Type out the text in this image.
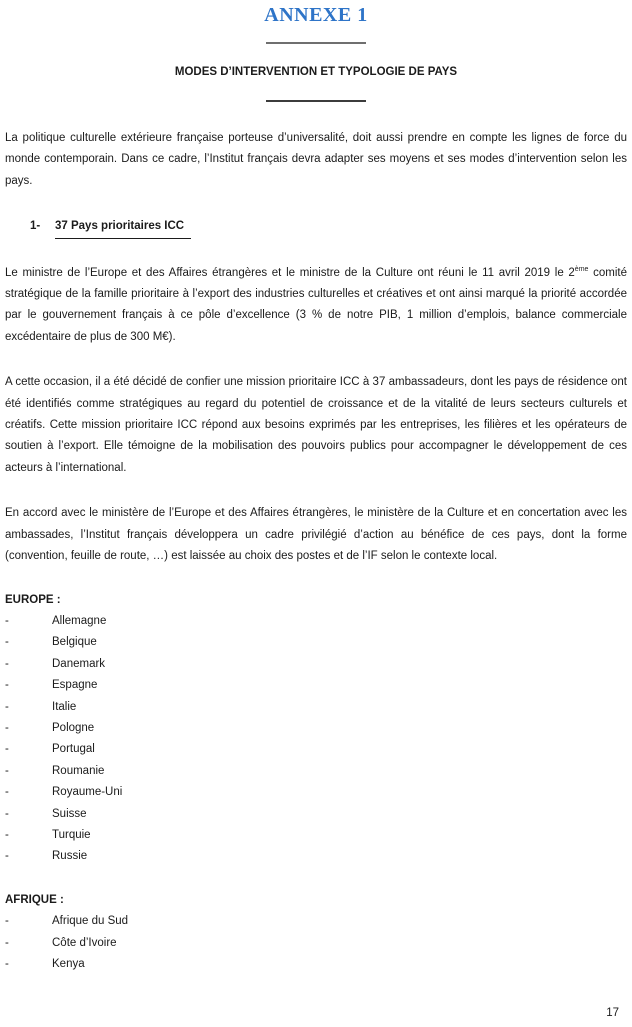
ANNEXE 1
MODES D’INTERVENTION ET TYPOLOGIE DE PAYS
La politique culturelle extérieure française porteuse d’universalité, doit aussi prendre en compte les lignes de force du monde contemporain. Dans ce cadre, l’Institut français devra adapter ses moyens et ses modes d’intervention selon les pays.
1-	37 Pays prioritaires ICC
Le ministre de l’Europe et des Affaires étrangères et le ministre de la Culture ont réuni le 11 avril 2019 le 2ème comité stratégique de la famille prioritaire à l’export des industries culturelles et créatives et ont ainsi marqué la priorité accordée par le gouvernement français à ce pôle d’excellence (3 % de notre PIB, 1 million d’emplois, balance commerciale excédentaire de plus de 300 M€).
A cette occasion, il a été décidé de confier une mission prioritaire ICC à 37 ambassadeurs, dont les pays de résidence ont été identifiés comme stratégiques au regard du potentiel de croissance et de la vitalité de leurs secteurs culturels et créatifs. Cette mission prioritaire ICC répond aux besoins exprimés par les entreprises, les filières et les opérateurs de soutien à l’export. Elle témoigne de la mobilisation des pouvoirs publics pour accompagner le développement de ces acteurs à l’international.
En accord avec le ministère de l’Europe et des Affaires étrangères, le ministère de la Culture et en concertation avec les ambassades, l’Institut français développera un cadre privilégié d’action au bénéfice de ces pays, dont la forme (convention, feuille de route, …) est laissée au choix des postes et de l’IF selon le contexte local.
EUROPE :
-	Allemagne
-	Belgique
-	Danemark
-	Espagne
-	Italie
-	Pologne
-	Portugal
-	Roumanie
-	Royaume-Uni
-	Suisse
-	Turquie
-	Russie
AFRIQUE :
-	Afrique du Sud
-	Côte d’Ivoire
-	Kenya
17
